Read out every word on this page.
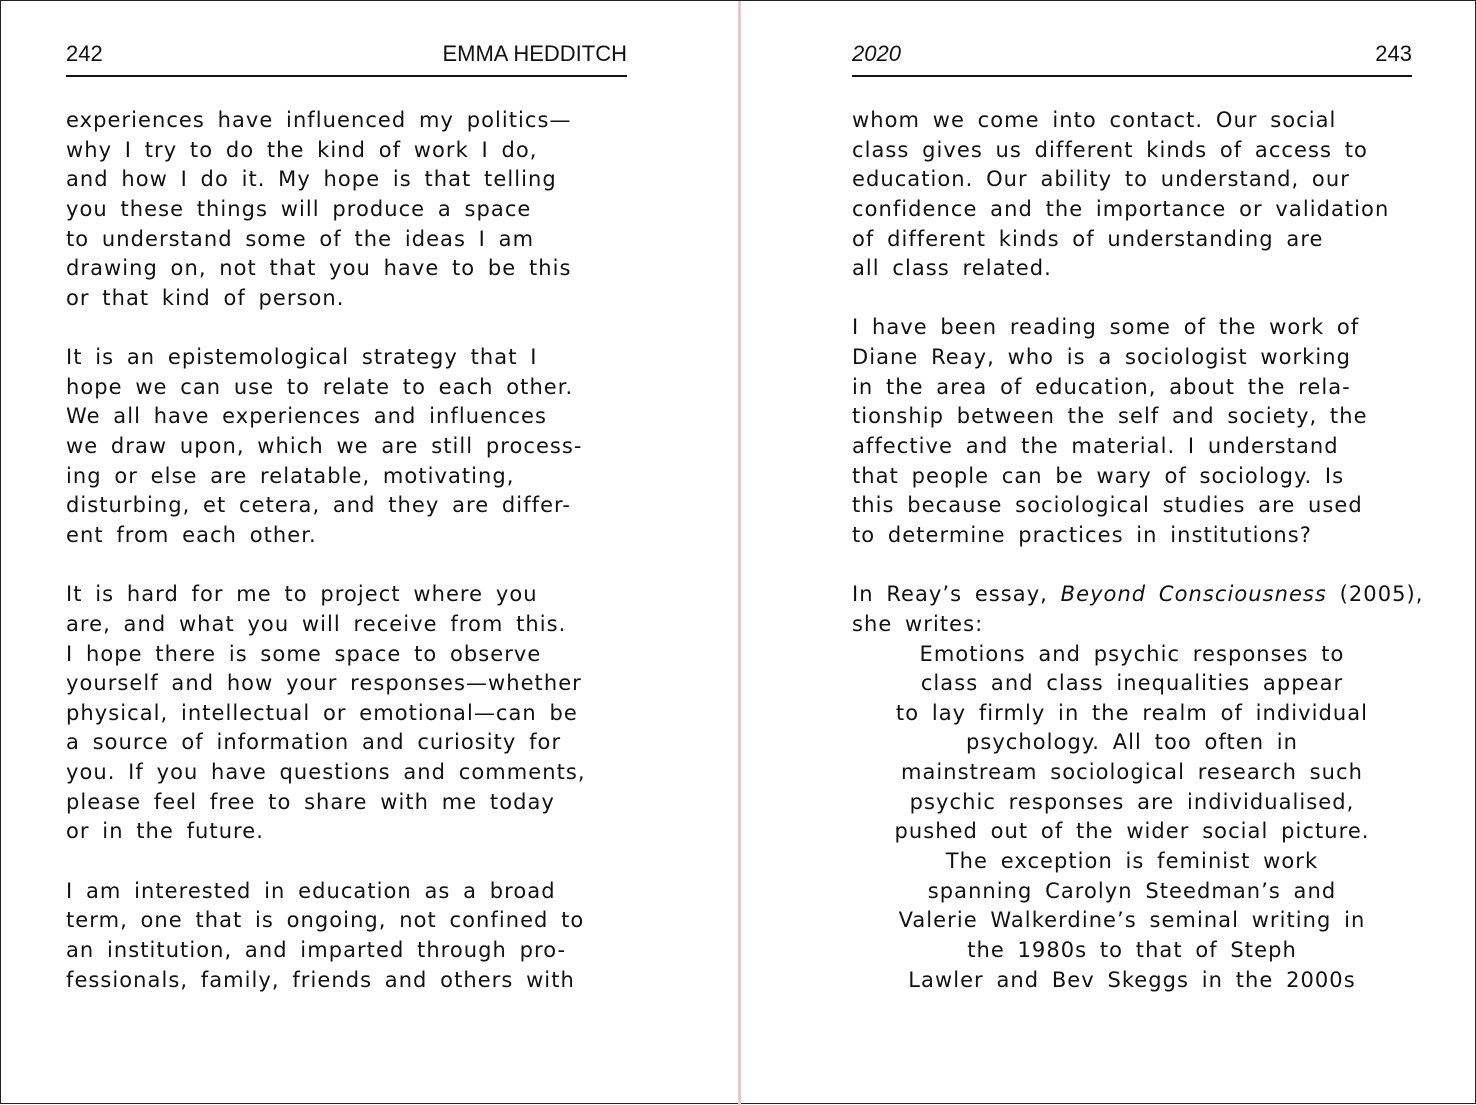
242	EMMA HEDDITCH
experiences have influenced my politics—
why I try to do the kind of work I do,
and how I do it. My hope is that telling
you these things will produce a space
to understand some of the ideas I am
drawing on, not that you have to be this
or that kind of person.
It is an epistemological strategy that I
hope we can use to relate to each other.
We all have experiences and influences
we draw upon, which we are still process-
ing or else are relatable, motivating,
disturbing, et cetera, and they are differ-
ent from each other.
It is hard for me to project where you
are, and what you will receive from this.
I hope there is some space to observe
yourself and how your responses—whether
physical, intellectual or emotional—can be
a source of information and curiosity for
you. If you have questions and comments,
please feel free to share with me today
or in the future.
I am interested in education as a broad
term, one that is ongoing, not confined to
an institution, and imparted through pro-
fessionals, family, friends and others with
2020	243
whom we come into contact. Our social
class gives us different kinds of access to
education. Our ability to understand, our
confidence and the importance or validation
of different kinds of understanding are
all class related.
I have been reading some of the work of
Diane Reay, who is a sociologist working
in the area of education, about the rela-
tionship between the self and society, the
affective and the material. I understand
that people can be wary of sociology. Is
this because sociological studies are used
to determine practices in institutions?
In Reay’s essay, Beyond Consciousness (2005),
she writes:
Emotions and psychic responses to
class and class inequalities appear
to lay firmly in the realm of individual
psychology. All too often in
mainstream sociological research such
psychic responses are individualised,
pushed out of the wider social picture.
The exception is feminist work
spanning Carolyn Steedman’s and
Valerie Walkerdine’s seminal writing in
the 1980s to that of Steph
Lawler and Bev Skeggs in the 2000s
